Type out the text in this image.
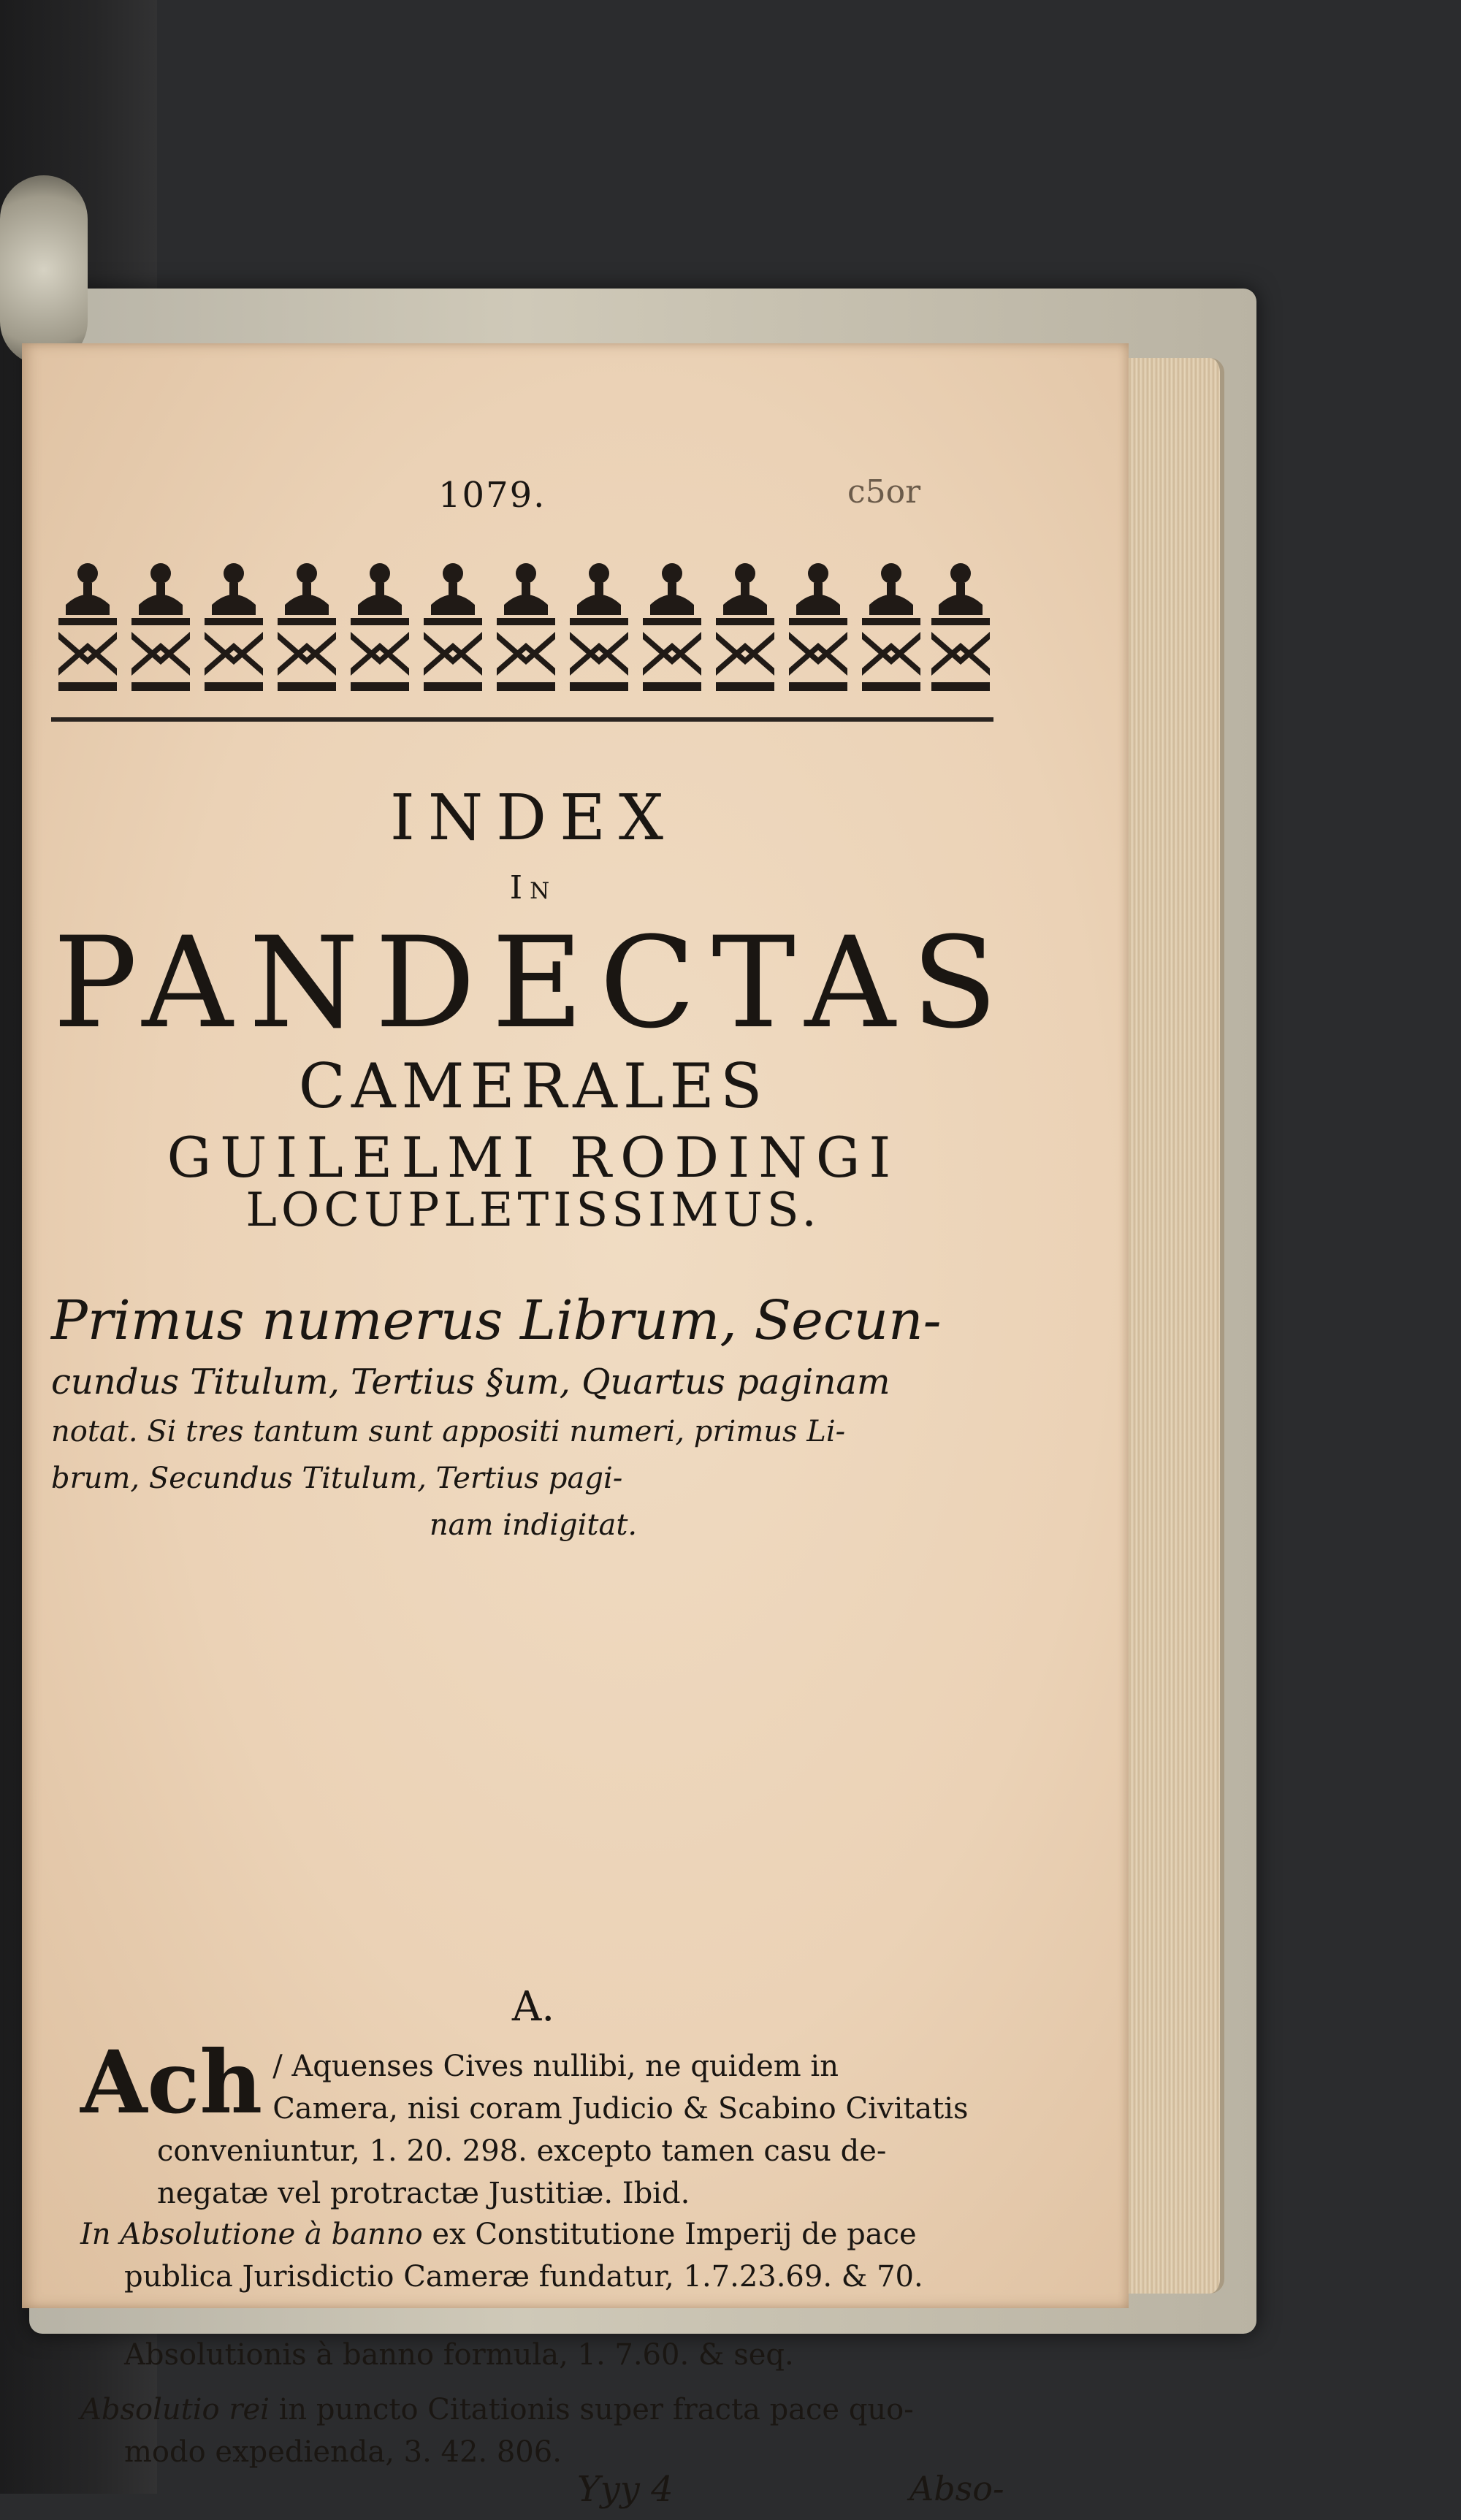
1079.	c5or
INDEX
In
PANDECTAS
CAMERALES
GUILELMI RODINGI
LOCUPLETISSIMUS.
Primus numerus Librum, Secun-
cundus Titulum, Tertius §um, Quartus paginam
notat. Si tres tantum sunt appositi numeri, primus Li-
brum, Secundus Titulum, Tertius pagi-
nam indigitat.
A.
Ach / Aquenses Cives nullibi, ne quidem in
Camera, nisi coram Judicio & Scabino Civitatis
conveniuntur, 1. 20. 298. excepto tamen casu de-
negatæ vel protractæ Justitiæ. Ibid.
In Absolutione à banno ex Constitutione Imperij de pace
publica Jurisdictio Cameræ fundatur, 1.7.23.69. & 70.
Absolutionis à banno formula, 1. 7.60. & seq.
Absolutio rei in puncto Citationis super fracta pace quo-
modo expedienda, 3. 42. 806.
Yyy 4	Abso-
